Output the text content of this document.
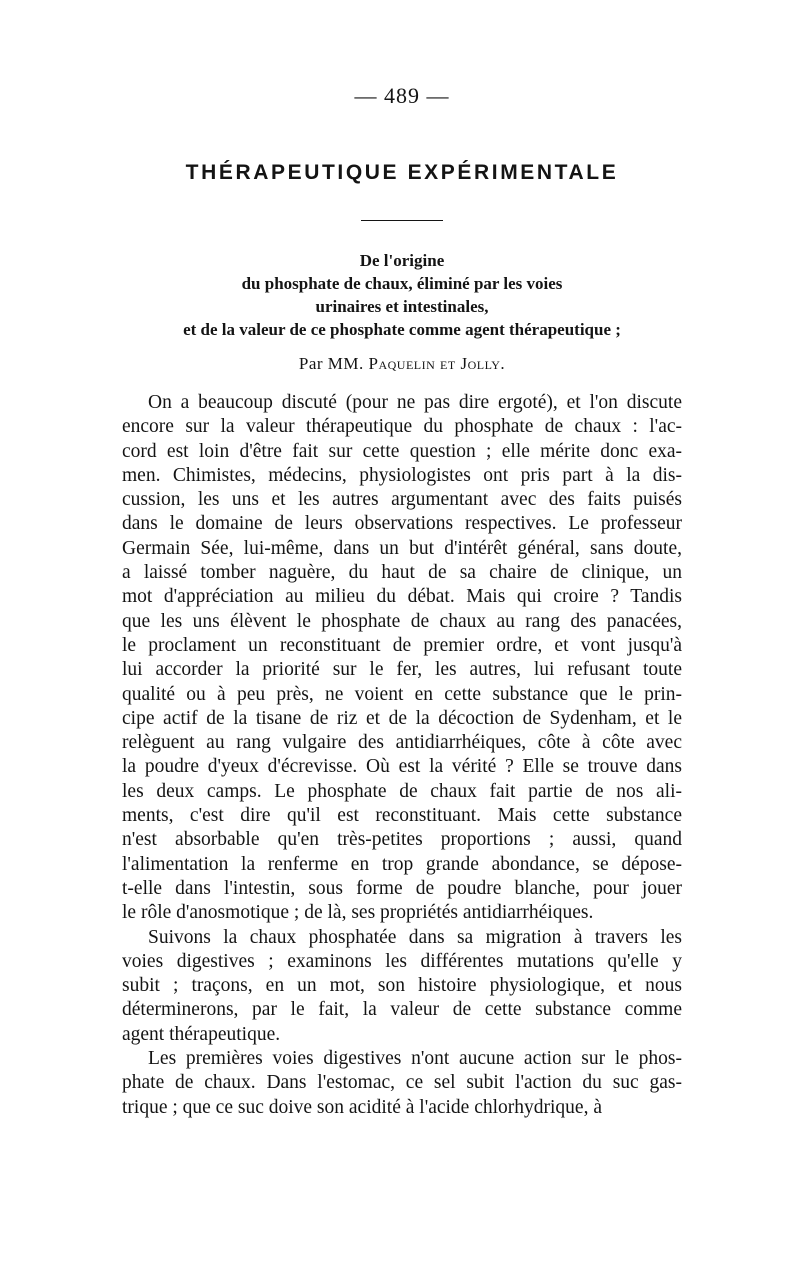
— 489 —
THÉRAPEUTIQUE EXPÉRIMENTALE
De l'origine
du phosphate de chaux, éliminé par les voies
urinaires et intestinales,
et de la valeur de ce phosphate comme agent thérapeutique ;
Par MM. Paquelin et Jolly.

On a beaucoup discuté (pour ne pas dire ergoté), et l'on discute
encore sur la valeur thérapeutique du phosphate de chaux : l'ac-
cord est loin d'être fait sur cette question ; elle mérite donc exa-
men. Chimistes, médecins, physiologistes ont pris part à la dis-
cussion, les uns et les autres argumentant avec des faits puisés
dans le domaine de leurs observations respectives. Le professeur
Germain Sée, lui-même, dans un but d'intérêt général, sans doute,
a laissé tomber naguère, du haut de sa chaire de clinique, un
mot d'appréciation au milieu du débat. Mais qui croire ? Tandis
que les uns élèvent le phosphate de chaux au rang des panacées,
le proclament un reconstituant de premier ordre, et vont jusqu'à
lui accorder la priorité sur le fer, les autres, lui refusant toute
qualité ou à peu près, ne voient en cette substance que le prin-
cipe actif de la tisane de riz et de la décoction de Sydenham, et le
relèguent au rang vulgaire des antidiarrhéiques, côte à côte avec
la poudre d'yeux d'écrevisse. Où est la vérité ? Elle se trouve dans
les deux camps. Le phosphate de chaux fait partie de nos ali-
ments, c'est dire qu'il est reconstituant. Mais cette substance
n'est absorbable qu'en très-petites proportions ; aussi, quand
l'alimentation la renferme en trop grande abondance, se dépose-
t-elle dans l'intestin, sous forme de poudre blanche, pour jouer
le rôle d'anosmotique ; de là, ses propriétés antidiarrhéiques.

Suivons la chaux phosphatée dans sa migration à travers les
voies digestives ; examinons les différentes mutations qu'elle y
subit ; traçons, en un mot, son histoire physiologique, et nous
déterminerons, par le fait, la valeur de cette substance comme
agent thérapeutique.

Les premières voies digestives n'ont aucune action sur le phos-
phate de chaux. Dans l'estomac, ce sel subit l'action du suc gas-
trique ; que ce suc doive son acidité à l'acide chlorhydrique, à
